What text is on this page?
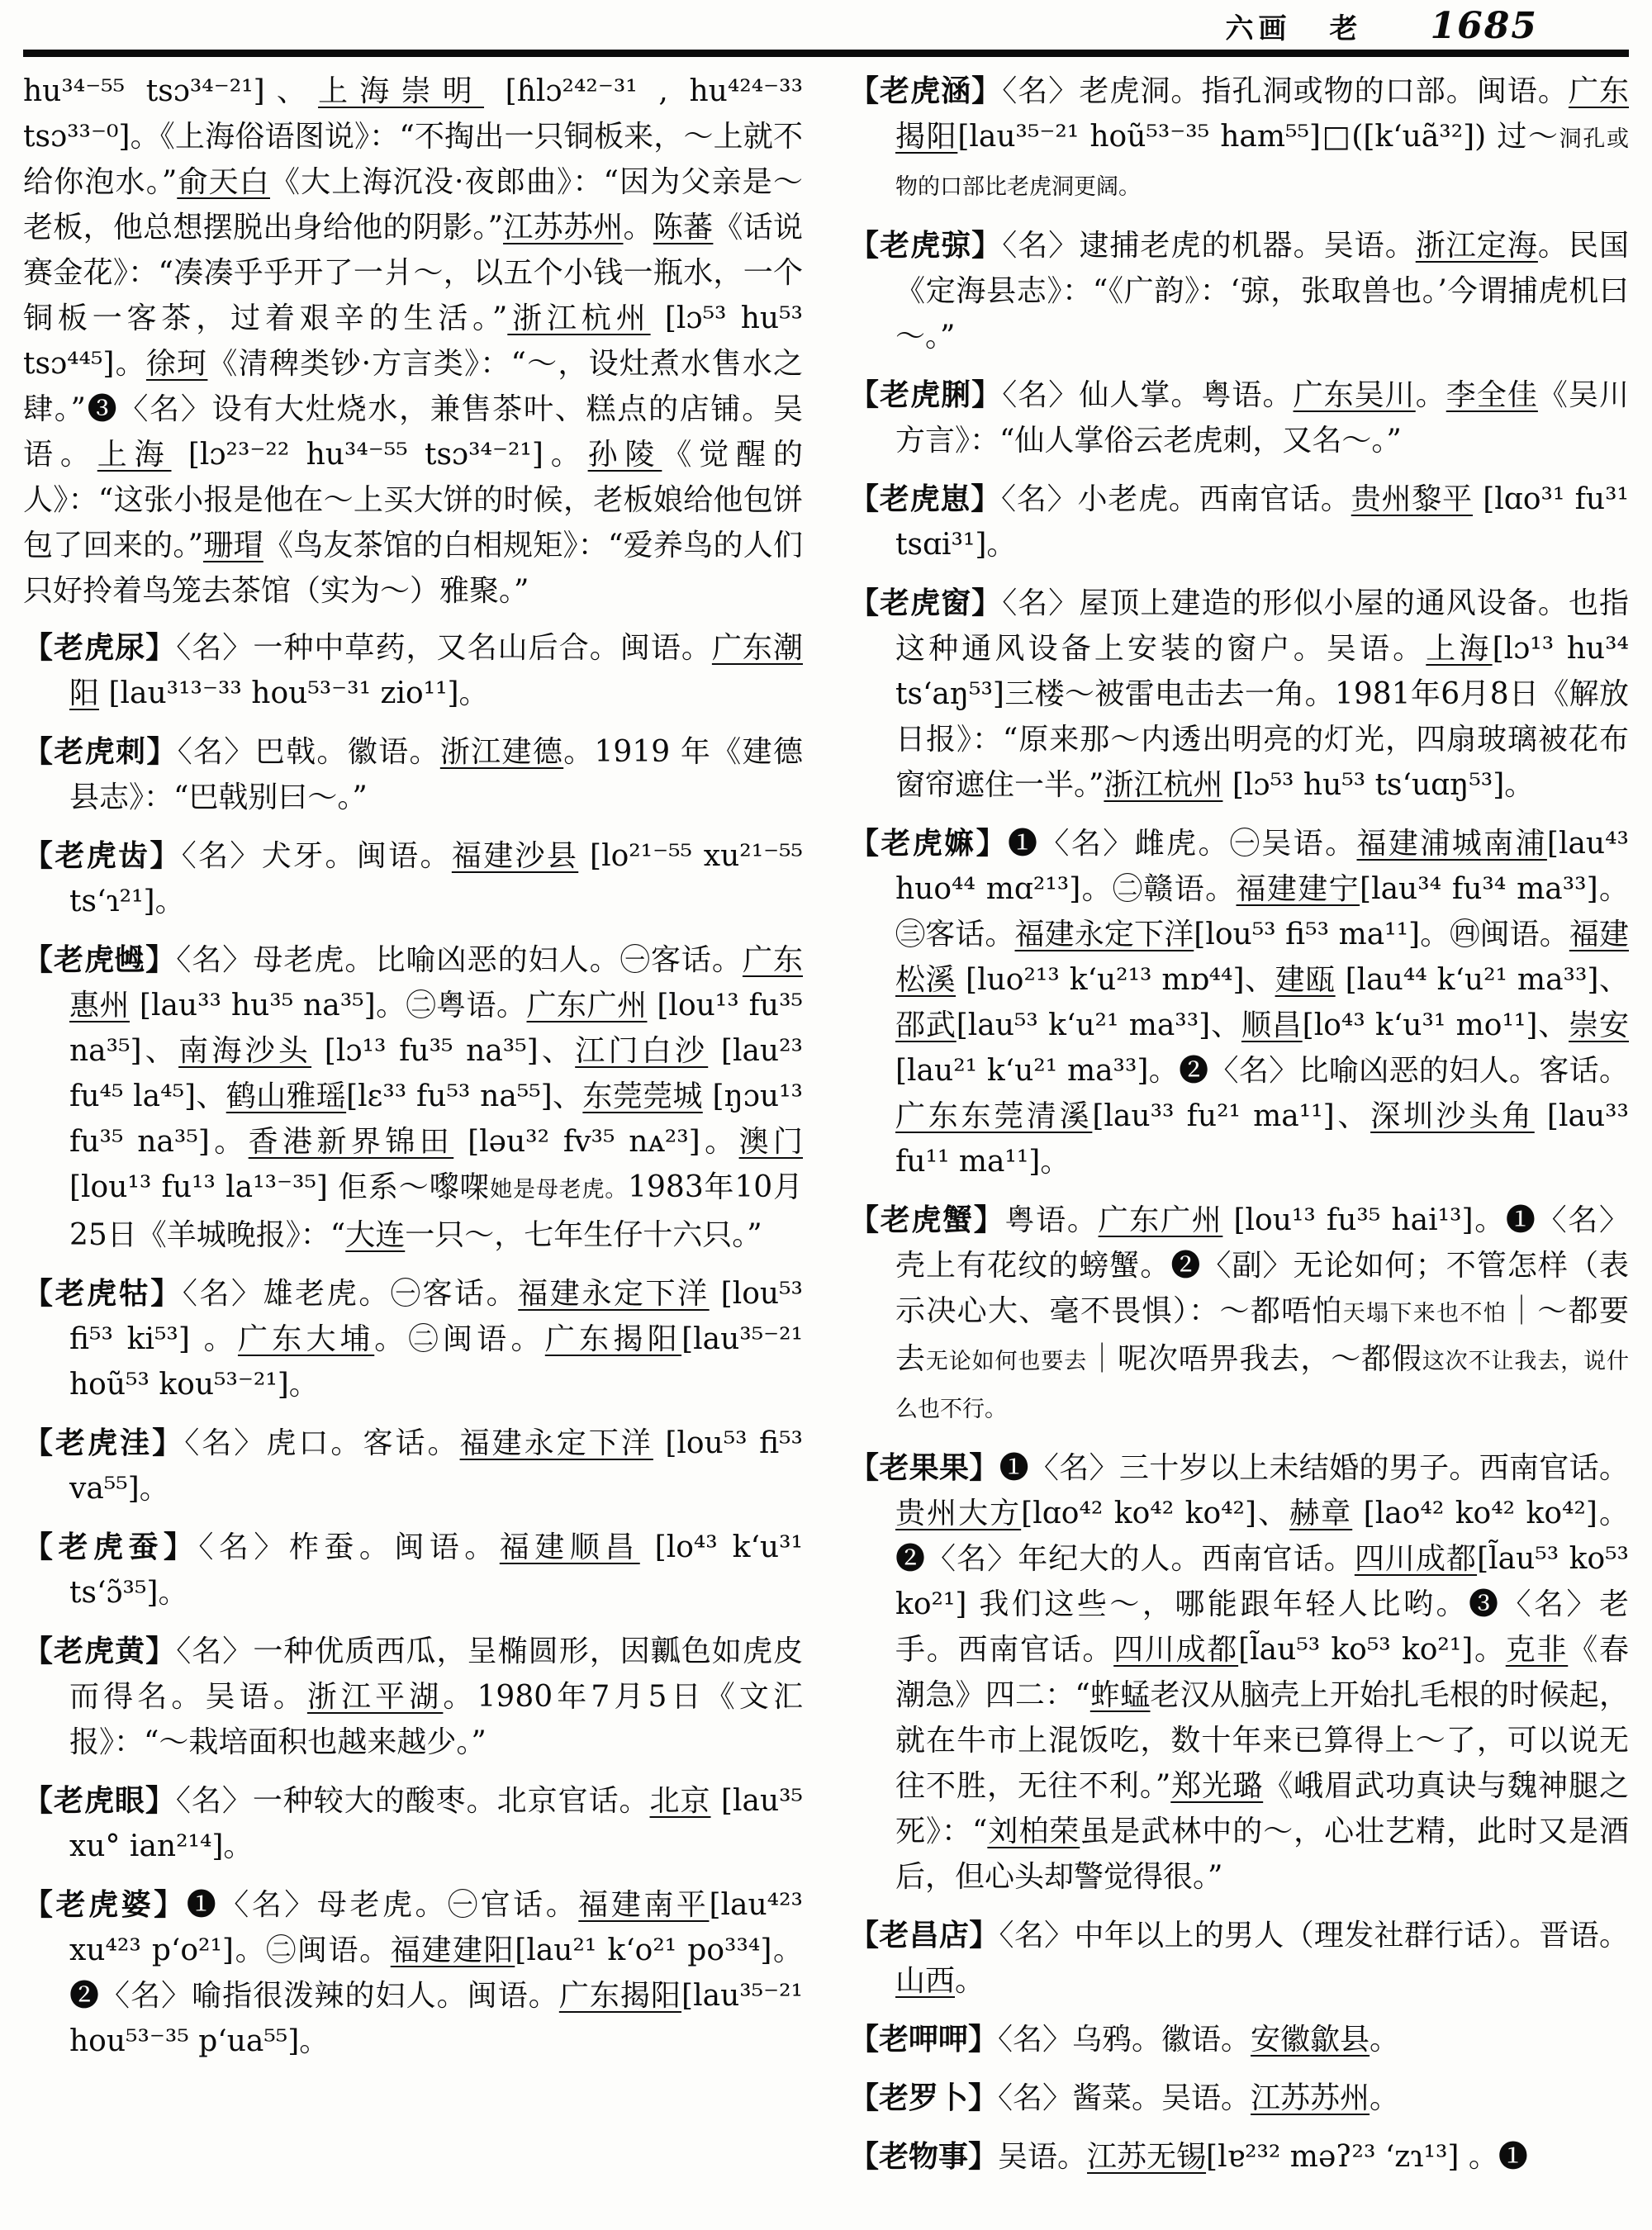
六画 老 1685

hu³⁴⁻⁵⁵ tsɔ³⁴⁻²¹]、上海崇明 [ɦlɔ²⁴²⁻³¹ , hu⁴²⁴⁻³³ tsɔ³³⁻⁰]。《上海俗语图说》：“不掏出一只铜板来，～上就不给你泡水。”俞天白《大上海沉没·夜郎曲》：“因为父亲是～老板，他总想摆脱出身给他的阴影。”江苏苏州。陈蕃《话说赛金花》：“凑凑乎乎开了一爿～，以五个小钱一瓶水，一个铜板一客茶，过着艰辛的生活。”浙江杭州 [lɔ⁵³ hu⁵³ tsɔ⁴⁴⁵]。徐珂《清稗类钞·方言类》：“～，设灶煮水售水之肆。”❸〈名〉设有大灶烧水，兼售茶叶、糕点的店铺。吴语。上海 [lɔ²³⁻²² hu³⁴⁻⁵⁵ tsɔ³⁴⁻²¹]。孙陵《觉醒的人》：“这张小报是他在～上买大饼的时候，老板娘给他包饼包了回来的。”珊瑁《鸟友茶馆的白相规矩》：“爱养鸟的人们只好拎着鸟笼去茶馆（实为～）雅聚。”

【老虎尿】〈名〉一种中草药，又名山后合。闽语。广东潮阳 [lau³¹³⁻³³ hou⁵³⁻³¹ zio¹¹]。
【老虎刺】〈名〉巴戟。徽语。浙江建德。1919 年《建德县志》：“巴戟别曰～。”
【老虎齿】〈名〉犬牙。闽语。福建沙县 [lo²¹⁻⁵⁵ xu²¹⁻⁵⁵ tsʻɿ²¹]。
【老虎乸】〈名〉母老虎。比喻凶恶的妇人。㊀客话。广东惠州 [lau³³ hu³⁵ na³⁵]。㊁粤语。广东广州 [lou¹³ fu³⁵ na³⁵]、南海沙头 [lɔ¹³ fu³⁵ na³⁵]、江门白沙 [lau²³ fu⁴⁵ la⁴⁵]、鹤山雅瑶[lɛ³³ fu⁵³ na⁵⁵]、东莞莞城 [ŋɔu¹³ fu³⁵ na³⁵]。香港新界锦田 [ləu³² fv³⁵ nᴀ²³]。澳门 [lou¹³ fu¹³ la¹³⁻³⁵] 佢系～嚟㗎她是母老虎。1983年10月25日《羊城晚报》：“大连一只～，七年生仔十六只。”
【老虎牯】〈名〉雄老虎。㊀客话。福建永定下洋 [lou⁵³ fi⁵³ ki⁵³] 。广东大埔。㊁闽语。广东揭阳[lau³⁵⁻²¹ hoũ⁵³ kou⁵³⁻²¹]。
【老虎洼】〈名〉虎口。客话。福建永定下洋 [lou⁵³ fi⁵³ va⁵⁵]。
【老虎蚕】〈名〉柞蚕。闽语。福建顺昌 [lo⁴³ kʻu³¹ tsʻɔ̃³⁵]。
【老虎黄】〈名〉一种优质西瓜，呈椭圆形，因瓤色如虎皮而得名。吴语。浙江平湖。1980年7月5日《文汇报》：“～栽培面积也越来越少。”
【老虎眼】〈名〉一种较大的酸枣。北京官话。北京 [lau³⁵ xu° ian²¹⁴]。
【老虎婆】❶〈名〉母老虎。㊀官话。福建南平[lau⁴²³ xu⁴²³ pʻo²¹]。㊁闽语。福建建阳[lau²¹ kʻo²¹ po³³⁴]。❷〈名〉喻指很泼辣的妇人。闽语。广东揭阳[lau³⁵⁻²¹ hou⁵³⁻³⁵ pʻua⁵⁵]。
【老虎涵】〈名〉老虎洞。指孔洞或物的口部。闽语。广东揭阳[lau³⁵⁻²¹ hoũ⁵³⁻³⁵ ham⁵⁵]□([kʻuã³²]) 过～洞孔或物的口部比老虎洞更阔。
【老虎弶】〈名〉逮捕老虎的机器。吴语。浙江定海。民国《定海县志》：“《广韵》：‘弶，张取兽也。’今谓捕虎机曰～。”
【老虎脷】〈名〉仙人掌。粤语。广东吴川。李全佳《吴川方言》：“仙人掌俗云老虎刺，又名～。”
【老虎崽】〈名〉小老虎。西南官话。贵州黎平 [lɑo³¹ fu³¹ tsɑi³¹]。
【老虎窗】〈名〉屋顶上建造的形似小屋的通风设备。也指这种通风设备上安装的窗户。吴语。上海[lɔ¹³ hu³⁴ tsʻaŋ⁵³]三楼～被雷电击去一角。1981年6月8日《解放日报》：“原来那～内透出明亮的灯光，四扇玻璃被花布窗帘遮住一半。”浙江杭州 [lɔ⁵³ hu⁵³ tsʻuɑŋ⁵³]。
【老虎嫲】❶〈名〉雌虎。㊀吴语。福建浦城南浦[lau⁴³ huo⁴⁴ mɑ²¹³]。㊁赣语。福建建宁[lau³⁴ fu³⁴ ma³³]。㊂客话。福建永定下洋[lou⁵³ fi⁵³ ma¹¹]。㊃闽语。福建松溪 [luo²¹³ kʻu²¹³ mɒ⁴⁴]、建瓯 [lau⁴⁴ kʻu²¹ ma³³]、邵武[lau⁵³ kʻu²¹ ma³³]、顺昌[lo⁴³ kʻu³¹ mo¹¹]、崇安[lau²¹ kʻu²¹ ma³³]。❷〈名〉比喻凶恶的妇人。客话。广东东莞清溪[lau³³ fu²¹ ma¹¹]、深圳沙头角 [lau³³ fu¹¹ ma¹¹]。
【老虎蟹】粤语。广东广州 [lou¹³ fu³⁵ hai¹³]。❶〈名〉壳上有花纹的螃蟹。❷〈副〉无论如何；不管怎样（表示决心大、毫不畏惧）：～都唔怕天塌下来也不怕｜～都要去无论如何也要去｜呢次唔畀我去，～都假这次不让我去，说什么也不行。
【老果果】❶〈名〉三十岁以上未结婚的男子。西南官话。贵州大方[lɑo⁴² ko⁴² ko⁴²]、赫章 [lao⁴² ko⁴² ko⁴²]。❷〈名〉年纪大的人。西南官话。四川成都[l̃au⁵³ ko⁵³ ko²¹] 我们这些～，哪能跟年轻人比哟。❸〈名〉老手。西南官话。四川成都[l̃au⁵³ ko⁵³ ko²¹]。克非《春潮急》四二：“蚱蜢老汉从脑壳上开始扎毛根的时候起，就在牛市上混饭吃，数十年来已算得上～了，可以说无往不胜，无往不利。”郑光璐《峨眉武功真诀与魏神腿之死》：“刘柏荣虽是武林中的～，心壮艺精，此时又是酒后，但心头却警觉得很。”
【老昌店】〈名〉中年以上的男人（理发社群行话）。晋语。山西。
【老呷呷】〈名〉乌鸦。徽语。安徽歙县。
【老罗卜】〈名〉酱菜。吴语。江苏苏州。
【老物事】吴语。江苏无锡[lɐ²³² məʔ²³ ʻzɿ¹³] 。❶
